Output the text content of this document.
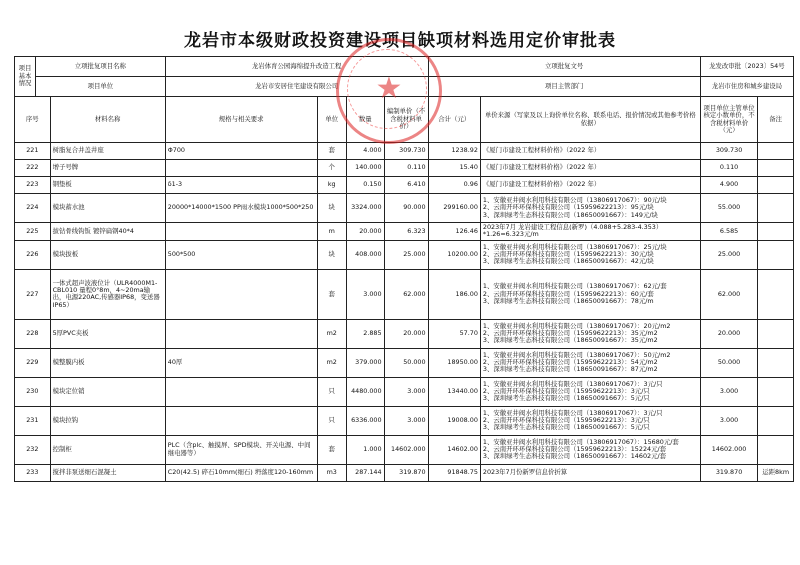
龙岩市本级财政投资建设项目缺项材料选用定价审批表
项目
基本
情况	立项批复项目名称		龙岩体育公园海绵提升改造工程				立项批复文号		龙发改审批〔2023〕54号	
	项目单位		龙岩市安居住宅建设有限公司				项目主管部门		龙岩市住房和城乡建设局	
序号		材料名称	规格与相关要求	单位	数量	编制单价（不含税材料单价）	合计（元）	单价来源（写家及以上询价单位名称、联系电话、报价情况或其他参考价格依据）	项目单位主管单位核定小数单价，不含税材料单价（元）	备注
221		树脂复合井盖井座	Φ700	套	4.000	309.730	1238.92	《厦门市建设工程材料价格》（2022 年）	309.730	
222		增子号牌		个	140.000	0.110	15.40	《厦门市建设工程材料价格》（2022 年）	0.110	
223		钢垫板	δ1-3	kg	0.150	6.410	0.96	《厦门市建设工程材料价格》（2022 年）	4.900	
224		模块蓄水池	20000*14000*1500 PP雨水模块1000*500*250	块	3324.000	90.000	299160.00	1、安徽亚井阀水利用科技有限公司（13806917067）：90元/块
2、云南开环环保科技有限公司（15959622213）：95元/块
3、深圳绿考生态科技有限公司（18650091667）：149元/块	55.000	
225		拔钻骨线钩钣 镀锌扁钢40*4		m	20.000	6.323	126.46	2023年7月 龙岩建设工程信息(新罗)（4.088+5.283-4.353）*1.26=6.323元/m	6.585	
226		模块拔板	500*500	块	408.000	25.000	10200.00	1、安徽亚井阀水利用科技有限公司（13806917067）：25元/块
2、云南开环环保科技有限公司（15959622213）：30元/块
3、深圳绿考生态科技有限公司（18650091667）：42元/块	25.000	
227		一体式超声波液位计（ULR4000M1-CBL010 量程0°8m，4~20ma输出，电源220AC,传感器IP68，变送器IP65）		套	3.000	62.000	186.00	1、安徽亚井阀水利用科技有限公司（13806917067）：62元/套
2、云南开环环保科技有限公司（15959622213）：60元/套
3、深圳绿考生态科技有限公司（18650091667）：78元/m	62.000	
228		5厚PVC夹板		m2	2.885	20.000	57.70	1、安徽亚井阀水利用科技有限公司（13806917067）：20元/m2
2、云南开环环保科技有限公司（15959622213）：35元/m2
3、深圳绿考生态科技有限公司（18650091667）：35元/m2	20.000	
229		模整膜内板	40厚	m2	379.000	50.000	18950.00	1、安徽亚井阀水利用科技有限公司（13806917067）：50元/m2
2、云南开环环保科技有限公司（15959622213）：54元/m2
3、深圳绿考生态科技有限公司（18650091667）：87元/m2	50.000	
230		模块定位销		只	4480.000	3.000	13440.00	1、安徽亚井阀水利用科技有限公司（13806917067）：3元/只
2、云南开环环保科技有限公司（15959622213）：3元/只
3、深圳绿考生态科技有限公司（18650091667）：5元/只	3.000	
231		模块拉钩		只	6336.000	3.000	19008.00	1、安徽亚井阀水利用科技有限公司（13806917067）：3元/只
2、云南开环环保科技有限公司（15959622213）：3元/只
3、深圳绿考生态科技有限公司（18650091667）：5元/只	3.000	
232		控制柜	PLC（含plc、触摸屏、SPD模块、开关电源、中间继电器等）	套	1.000	14602.000	14602.00	1、安徽亚井阀水利用科技有限公司（13806917067）：15680元/套
2、云南开环环保科技有限公司（15959622213）：15224元/套
3、深圳绿考生态科技有限公司（18650091667）：14602元/套	14602.000	
233		搅拌非泵送细石混凝土	C20(42.5) 碎石10mm(细石) 坍落度120-160mm	m3	287.144	319.870	91848.75	2023年7月份新罗信息价折算	319.870	运距8km
★
